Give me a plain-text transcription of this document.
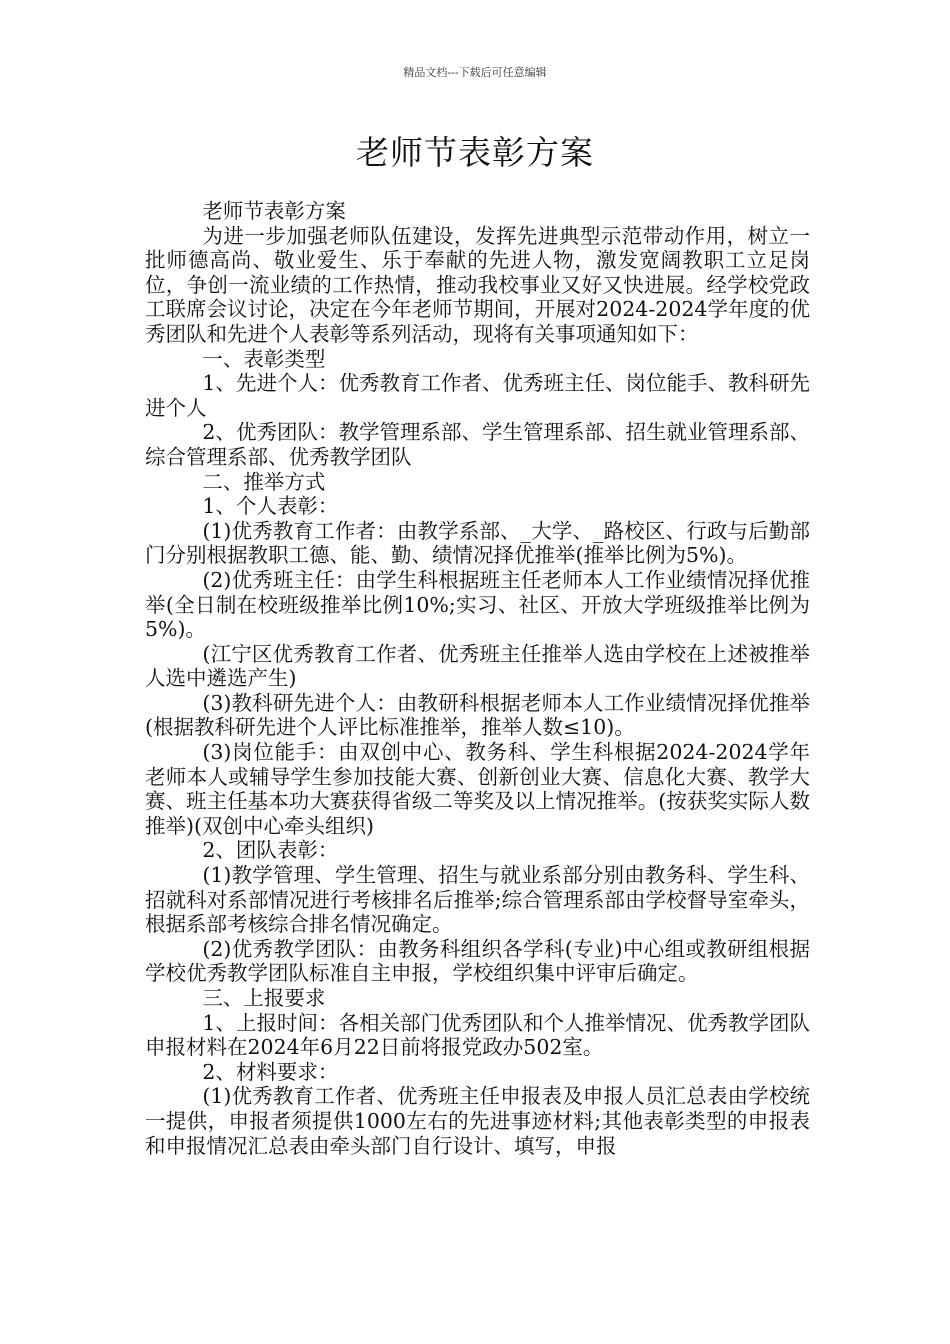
精品文档---下载后可任意编辑
老师节表彰方案

老师节表彰方案

为进一步加强老师队伍建设，发挥先进典型示范带动作用，树立一批师德高尚、敬业爱生、乐于奉献的先进人物，激发宽阔教职工立足岗位，争创一流业绩的工作热情，推动我校事业又好又快进展。经学校党政工联席会议讨论，决定在今年老师节期间，开展对2024-2024学年度的优秀团队和先进个人表彰等系列活动，现将有关事项通知如下：

一、表彰类型

1、先进个人：优秀教育工作者、优秀班主任、岗位能手、教科研先进个人

2、优秀团队：教学管理系部、学生管理系部、招生就业管理系部、综合管理系部、优秀教学团队

二、推举方式

1、个人表彰：

(1)优秀教育工作者：由教学系部、_大学、_路校区、行政与后勤部门分别根据教职工德、能、勤、绩情况择优推举(推举比例为5%)。

(2)优秀班主任：由学生科根据班主任老师本人工作业绩情况择优推举(全日制在校班级推举比例10%;实习、社区、开放大学班级推举比例为5%)。

(江宁区优秀教育工作者、优秀班主任推举人选由学校在上述被推举人选中遴选产生)

(3)教科研先进个人：由教研科根据老师本人工作业绩情况择优推举(根据教科研先进个人评比标准推举，推举人数≤10)。

(3)岗位能手：由双创中心、教务科、学生科根据2024-2024学年老师本人或辅导学生参加技能大赛、创新创业大赛、信息化大赛、教学大赛、班主任基本功大赛获得省级二等奖及以上情况推举。(按获奖实际人数推举)(双创中心牵头组织)

2、团队表彰：

(1)教学管理、学生管理、招生与就业系部分别由教务科、学生科、招就科对系部情况进行考核排名后推举;综合管理系部由学校督导室牵头，根据系部考核综合排名情况确定。

(2)优秀教学团队：由教务科组织各学科(专业)中心组或教研组根据学校优秀教学团队标准自主申报，学校组织集中评审后确定。

三、上报要求

1、上报时间：各相关部门优秀团队和个人推举情况、优秀教学团队申报材料在2024年6月22日前将报党政办502室。

2、材料要求：

(1)优秀教育工作者、优秀班主任申报表及申报人员汇总表由学校统一提供，申报者须提供1000左右的先进事迹材料;其他表彰类型的申报表和申报情况汇总表由牵头部门自行设计、填写，申报
